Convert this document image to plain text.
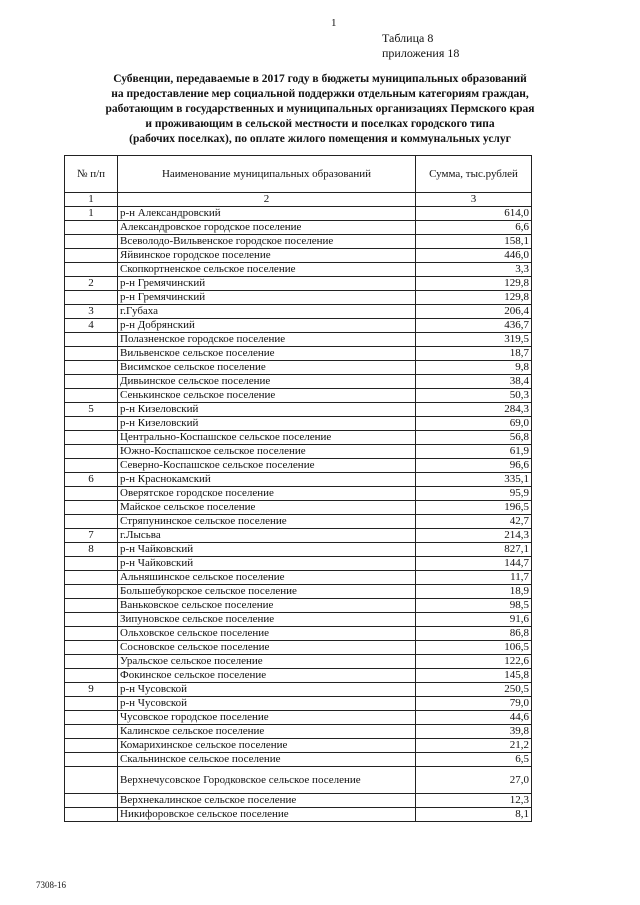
1
Таблица 8
приложения 18
Субвенции, передаваемые в 2017 году в бюджеты муниципальных образований
на предоставление мер социальной поддержки отдельным категориям граждан,
работающим в государственных и муниципальных организациях Пермского края
и проживающим в сельской местности и поселках городского типа
(рабочих поселках), по оплате жилого помещения и коммунальных услуг
№ п/п	Наименование муниципальных образований	Сумма, тыс.рублей
1	2	3
1	р-н Александровский	614,0
	Александровское городское поселение	6,6
	Всеволодо-Вильвенское городское поселение	158,1
	Яйвинское городское поселение	446,0
	Скопкортненское сельское поселение	3,3
2	р-н Гремячинский	129,8
	р-н Гремячинский	129,8
3	г.Губаха	206,4
4	р-н Добрянский	436,7
	Полазненское городское поселение	319,5
	Вильвенское сельское поселение	18,7
	Висимское сельское поселение	9,8
	Дивьинское сельское поселение	38,4
	Сенькинское сельское поселение	50,3
5	р-н Кизеловский	284,3
	р-н Кизеловский	69,0
	Центрально-Коспашское сельское поселение	56,8
	Южно-Коспашское сельское поселение	61,9
	Северно-Коспашское сельское поселение	96,6
6	р-н Краснокамский	335,1
	Оверятское городское поселение	95,9
	Майское сельское поселение	196,5
	Стряпунинское сельское поселение	42,7
7	г.Лысьва	214,3
8	р-н Чайковский	827,1
	р-н Чайковский	144,7
	Альняшинское сельское поселение	11,7
	Большебукорское сельское поселение	18,9
	Ваньковское сельское поселение	98,5
	Зипуновское сельское поселение	91,6
	Ольховское сельское поселение	86,8
	Сосновское сельское поселение	106,5
	Уральское сельское поселение	122,6
	Фокинское сельское поселение	145,8
9	р-н Чусовской	250,5
	р-н Чусовской	79,0
	Чусовское городское поселение	44,6
	Калинское сельское поселение	39,8
	Комарихинское сельское поселение	21,2
	Скальнинское сельское поселение	6,5
	Верхнечусовское Городковское сельское поселение	27,0
	Верхнекалинское сельское поселение	12,3
	Никифоровское сельское поселение	8,1
7308-16
